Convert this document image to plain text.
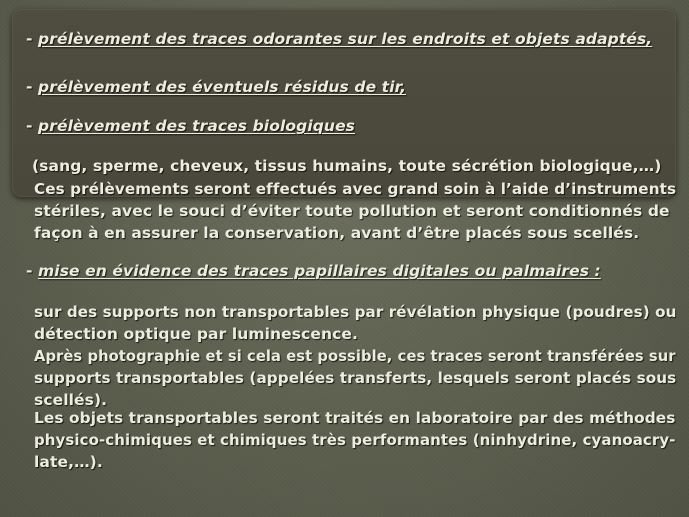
- prélèvement des traces odorantes sur les endroits et objets adaptés,
- prélèvement des éventuels résidus de tir,
- prélèvement des traces biologiques
(sang, sperme, cheveux, tissus humains, toute sécrétion biologique,…)
Ces prélèvements seront effectués avec grand soin à l’aide d’instruments
stériles, avec le souci d’éviter toute pollution et seront conditionnés de
façon à en assurer la conservation, avant d’être placés sous scellés.
- mise en évidence des traces papillaires digitales ou palmaires :
sur des supports non transportables par révélation physique (poudres) ou
détection optique par luminescence.
Après photographie et si cela est possible, ces traces seront transférées sur
supports transportables (appelées transferts, lesquels seront placés sous
scellés).
Les objets transportables seront traités en laboratoire par des méthodes
physico-chimiques et chimiques très performantes (ninhydrine, cyanoacry-
late,…).
